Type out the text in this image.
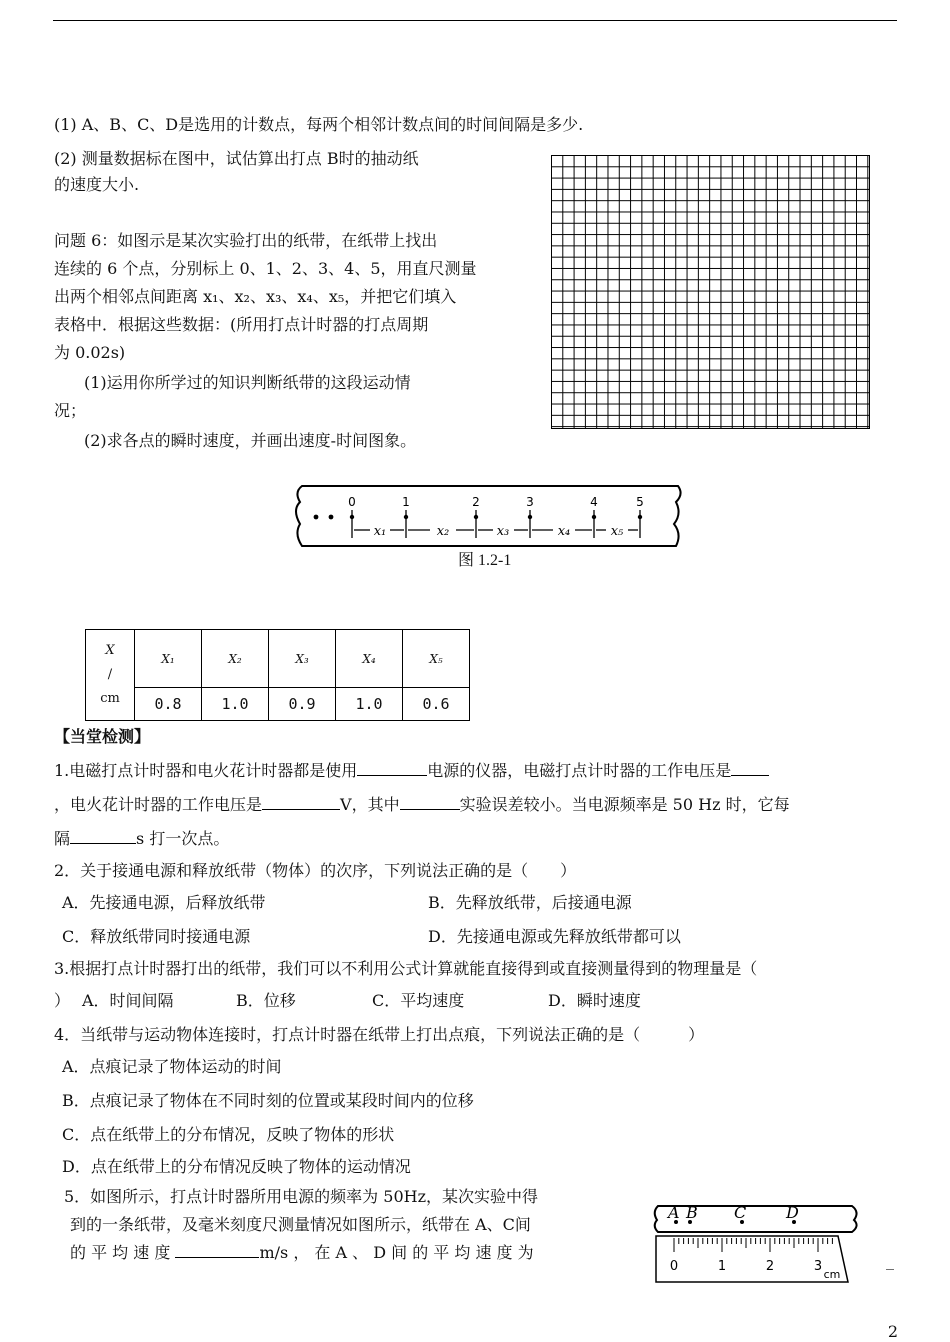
(1) A、B、C、D是选用的计数点，每两个相邻计数点间的时间间隔是多少.
(2) 测量数据标在图中，试估算出打点 B时的抽动纸
的速度大小.
问题 6：如图示是某次实验打出的纸带，在纸带上找出
连续的 6 个点，分别标上 0、1、2、3、4、5，用直尺测量
出两个相邻点间距离 x₁、x₂、x₃、x₄、x₅，并把它们填入
表格中．根据这些数据：(所用打点计时器的打点周期
为 0.02s)
(1)运用你所学过的知识判断纸带的这段运动情
况；
(2)求各点的瞬时速度，并画出速度-时间图象。
0	1	2	3	4	5
x₁	x₂	x₃	x₄	x₅
图 1.2-1
X
/
cm	X₁	X₂	X₃	X₄	X₅
	0.8	1.0	0.9	1.0	0.6
【当堂检测】
1.电磁打点计时器和电火花计时器都是使用	电源的仪器，电磁打点计时器的工作电压是
，电火花计时器的工作电压是	V，其中	实验误差较小。当电源频率是 50 Hz 时，它每
隔	s 打一次点。
2．关于接通电源和释放纸带（物体）的次序，下列说法正确的是（　　）
A．先接通电源，后释放纸带	B．先释放纸带，后接通电源
C．释放纸带同时接通电源	D．先接通电源或先释放纸带都可以
3.根据打点计时器打出的纸带，我们可以不利用公式计算就能直接得到或直接测量得到的物理量是（
） A．时间间隔	B．位移	C．平均速度	D．瞬时速度
4．当纸带与运动物体连接时，打点计时器在纸带上打出点痕，下列说法正确的是（　　　）
A．点痕记录了物体运动的时间
B．点痕记录了物体在不同时刻的位置或某段时间内的位移
C．点在纸带上的分布情况，反映了物体的形状
D．点在纸带上的分布情况反映了物体的运动情况
5．如图所示，打点计时器所用电源的频率为 50Hz，某次实验中得
到的一条纸带，及毫米刻度尺测量情况如图所示，纸带在 A、C间
的 平 均 速 度	m/s ， 在 A 、 D 间 的 平 均 速 度 为	_
A B C D
0	1	2	3
cm
2
